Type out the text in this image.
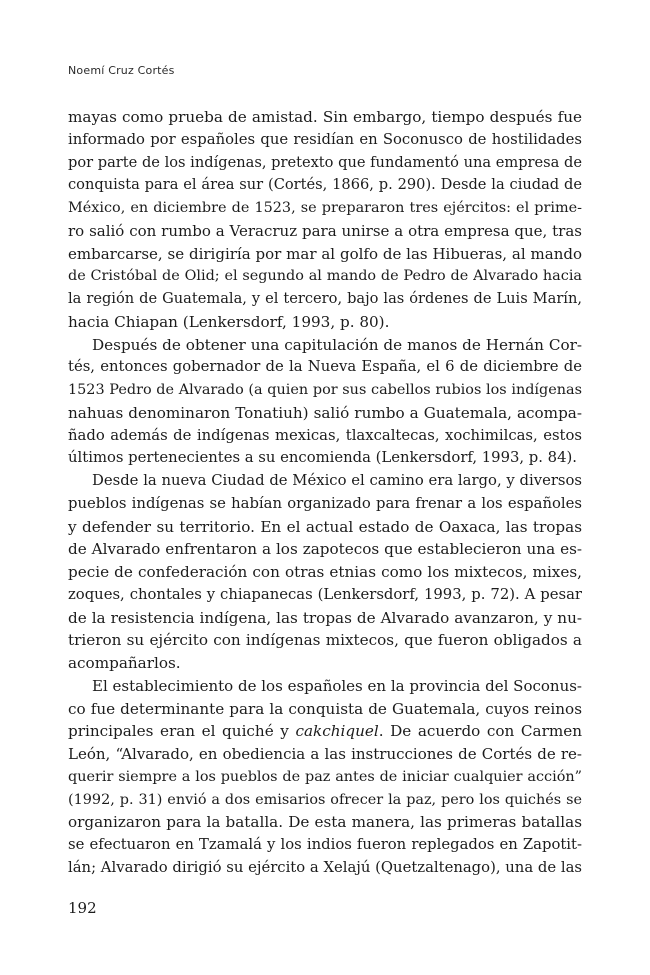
Noemí Cruz Cortés
mayas como prueba de amistad. Sin embargo, tiempo después fue
informado por españoles que residían en Soconusco de hostilidades
por parte de los indígenas, pretexto que fundamentó una empresa de
conquista para el área sur (Cortés, 1866, p. 290). Desde la ciudad de
México, en diciembre de 1523, se prepararon tres ejércitos: el prime-
ro salió con rumbo a Veracruz para unirse a otra empresa que, tras
embarcarse, se dirigiría por mar al golfo de las Hibueras, al mando
de Cristóbal de Olid; el segundo al mando de Pedro de Alvarado hacia
la región de Guatemala, y el tercero, bajo las órdenes de Luis Marín,
hacia Chiapan (Lenkersdorf, 1993, p. 80).
Después de obtener una capitulación de manos de Hernán Cor-
tés, entonces gobernador de la Nueva España, el 6 de diciembre de
1523 Pedro de Alvarado (a quien por sus cabellos rubios los indígenas
nahuas denominaron Tonatiuh) salió rumbo a Guatemala, acompa-
ñado además de indígenas mexicas, tlaxcaltecas, xochimilcas, estos
últimos pertenecientes a su encomienda (Lenkersdorf, 1993, p. 84).
Desde la nueva Ciudad de México el camino era largo, y diversos
pueblos indígenas se habían organizado para frenar a los españoles
y defender su territorio. En el actual estado de Oaxaca, las tropas
de Alvarado enfrentaron a los zapotecos que establecieron una es-
pecie de confederación con otras etnias como los mixtecos, mixes,
zoques, chontales y chiapanecas (Lenkersdorf, 1993, p. 72). A pesar
de la resistencia indígena, las tropas de Alvarado avanzaron, y nu-
trieron su ejército con indígenas mixtecos, que fueron obligados a
acompañarlos.
El establecimiento de los españoles en la provincia del Soconus-
co fue determinante para la conquista de Guatemala, cuyos reinos
principales eran el quiché y cakchiquel. De acuerdo con Carmen
León, “Alvarado, en obediencia a las instrucciones de Cortés de re-
querir siempre a los pueblos de paz antes de iniciar cualquier acción”
(1992, p. 31) envió a dos emisarios ofrecer la paz, pero los quichés se
organizaron para la batalla. De esta manera, las primeras batallas
se efectuaron en Tzamalá y los indios fueron replegados en Zapotit-
lán; Alvarado dirigió su ejército a Xelajú (Quetzaltenago), una de las
192
